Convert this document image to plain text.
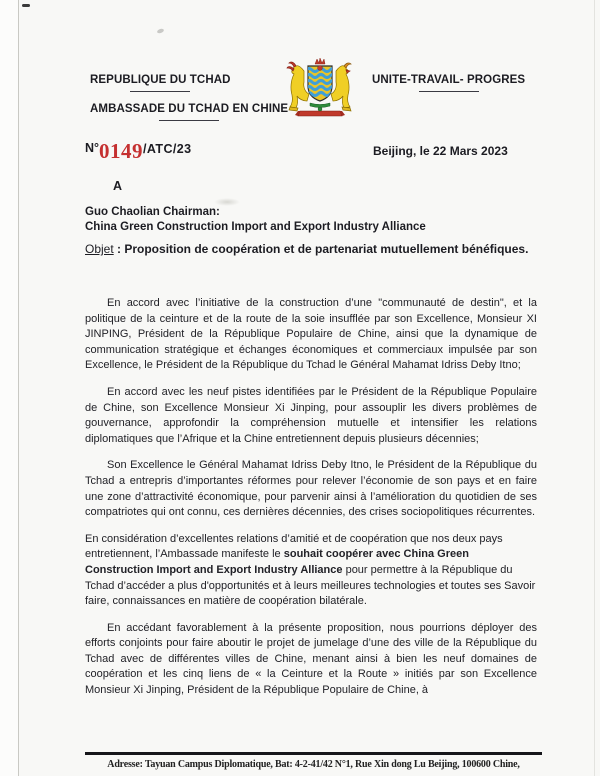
REPUBLIQUE DU TCHAD
AMBASSADE DU TCHAD EN CHINE
UNITE-TRAVAIL- PROGRES
$^{N^\circ}$0149$^{/ATC/23}$	Beijing, le 22 Mars 2023
A
Guo Chaolian Chairman:
China Green Construction Import and Export Industry Alliance
Objet : Proposition de coopération et de partenariat mutuellement bénéfiques.

En accord avec l’initiative de la construction d’une "communauté de destin", et la politique de la ceinture et de la route de la soie insufflée par son Excellence, Monsieur XI JINPING, Président de la République Populaire de Chine, ainsi que la dynamique de communication stratégique et échanges économiques et commerciaux impulsée par son Excellence, le Président de la République du Tchad le Général Mahamat Idriss Deby Itno;

En accord avec les neuf pistes identifiées par le Président de la République Populaire de Chine, son Excellence Monsieur Xi Jinping, pour assouplir les divers problèmes de gouvernance, approfondir la compréhension mutuelle et intensifier les relations diplomatiques que l’Afrique et la Chine entretiennent depuis plusieurs décennies;

Son Excellence le Général Mahamat Idriss Deby Itno, le Président de la République du Tchad a entrepris d’importantes réformes pour relever l’économie de son pays et en faire une zone d’attractivité économique, pour parvenir ainsi à l’amélioration du quotidien de ses compatriotes qui ont connu, ces dernières décennies, des crises sociopolitiques récurrentes.

En considération d’excellentes relations d’amitié et de coopération que nos deux pays entretiennent, l’Ambassade manifeste le souhait coopérer avec China Green Construction Import and Export Industry Alliance pour permettre à la République du Tchad d’accéder a plus d'opportunités et à leurs meilleures technologies et toutes ses Savoir faire, connaissances en matière de coopération bilatérale.

En accédant favorablement à la présente proposition, nous pourrions déployer des efforts conjoints pour faire aboutir le projet de jumelage d’une des ville de la République du Tchad avec de différentes villes de Chine, menant ainsi à bien les neuf domaines de coopération et les cinq liens de « la Ceinture et la Route » initiés par son Excellence Monsieur Xi Jinping, Président de la République Populaire de Chine, à

Adresse: Tayuan Campus Diplomatique, Bat: 4-2-41/42 N°1, Rue Xin dong Lu Beijing, 100600 Chine,
